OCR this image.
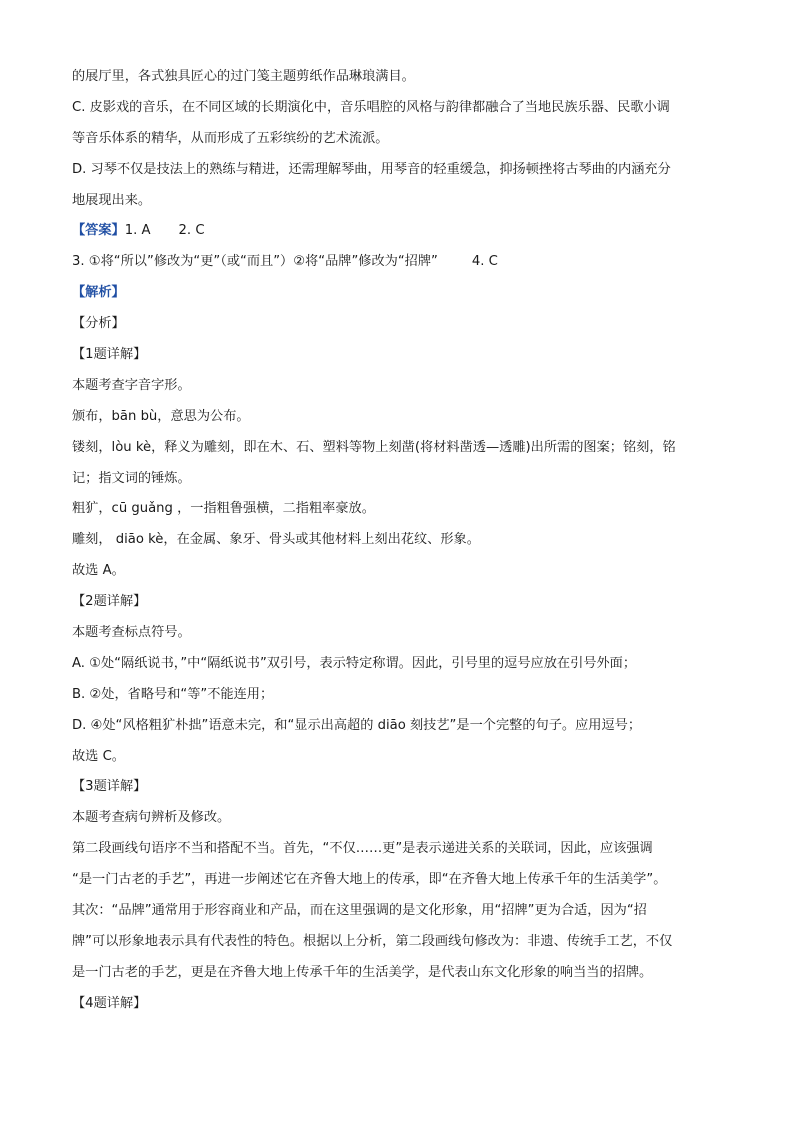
的展厅里，各式独具匠心的过门笺主题剪纸作品琳琅满目。

C. 皮影戏的音乐，在不同区域的长期演化中，音乐唱腔的风格与韵律都融合了当地民族乐器、民歌小调

等音乐体系的精华，从而形成了五彩缤纷的艺术流派。

D. 习琴不仅是技法上的熟练与精进，还需理解琴曲，用琴音的轻重缓急，抑扬顿挫将古琴曲的内涵充分

地展现出来。

【答案】1. A 2. C

3. ①将“所以”修改为“更”（或“而且”）②将“品牌”修改为“招牌”	4. C

【解析】

【分析】

【1题详解】

本题考查字音字形。

颁布，bān bù，意思为公布。

镂刻，lòu kè，释义为雕刻，即在木、石、塑料等物上刻凿(将材料凿透—透雕)出所需的图案；铭刻，铭

记；指文词的锤炼。

粗犷，cū guǎng ，一指粗鲁强横，二指粗率豪放。

雕刻， diāo kè，在金属、象牙、骨头或其他材料上刻出花纹、形象。

故选 A。

【2题详解】

本题考查标点符号。

A. ①处“隔纸说书，”中“隔纸说书”双引号，表示特定称谓。因此，引号里的逗号应放在引号外面；

B. ②处，省略号和“等”不能连用；

D. ④处“风格粗犷朴拙”语意未完，和“显示出高超的 diāo 刻技艺”是一个完整的句子。应用逗号；

故选 C。

【3题详解】

本题考查病句辨析及修改。

第二段画线句语序不当和搭配不当。首先，“不仅……更”是表示递进关系的关联词，因此，应该强调

“是一门古老的手艺”，再进一步阐述它在齐鲁大地上的传承，即“在齐鲁大地上传承千年的生活美学”。

其次：“品牌”通常用于形容商业和产品，而在这里强调的是文化形象，用“招牌”更为合适，因为“招

牌”可以形象地表示具有代表性的特色。根据以上分析，第二段画线句修改为：非遗、传统手工艺，不仅

是一门古老的手艺，更是在齐鲁大地上传承千年的生活美学，是代表山东文化形象的响当当的招牌。

【4题详解】
